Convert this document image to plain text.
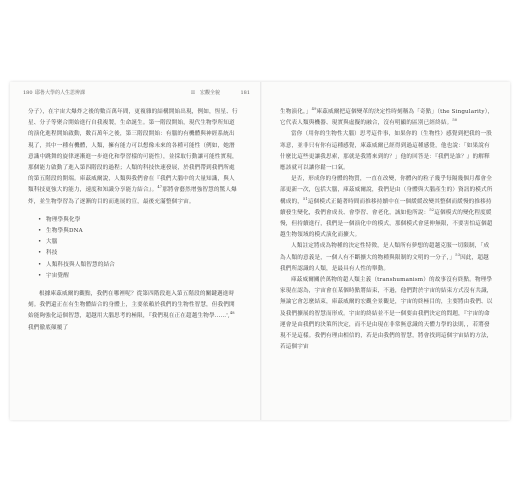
180 耶魯大學的人生思辨課

分子），在宇宙大爆炸之後的數百萬年間，更複雜的結構開始出現，例如，恆星、行星、分子等聚合開始進行自我複製，生命誕生。第一階段開始，現代生物學所知道的演化進程開始啟動，數百萬年之後，第三階段開始：有腦的有機體與神經系統出現了，其中一種有機體，人類，擁有能力可以想像未來的各種可能性（例如，她潛意識中跳舞的旋律逐漸進一步進化和學習樣的可能性），並採取行動讓可能性實現，那個能力啟動了進入第四階段的過程；人類的科技快速發展，於我們帶到我們所處的第五階段的開端。庫茲威爾說，人類與我們會在『我們大腦中的大量知識，與人類科技更強大的能力，速度和知識分享能力結合』。$^{47}$那將會藝然增強智慧的驚人爆炸，並生物學習為了逐漸的目的而進展的宣，最後充滿整個宇宙。

• 物理學與化學
• 生物學與DNA
• 大腦
• 科技
• 人類科技與人類智慧的結合
• 宇宙覺醒

根據庫茲威爾的觀點，我們在哪裡呢？從第四階段進入第五階段的關鍵邁進時刻。我們還正在有生物體結合的身體上，主要依賴於我們的生物性智慧，但我們開始能夠強化這個智慧，超越用大腦思考的極限，『我們現在正在超越生物學……',$^{48}$我們徹底顛覆了

II　宏觀全貌	181

生物演化，」$^{49}$庫茲威爾把這個變革的決定性時刻稱為「奇點」（the Singularity），它代表人類與機器、現實與虛擬的融合，沒有明顯的區別已經終結。$^{50}$

當你（用你的生物性大腦）思考這件事，如果你的（生物性）感覺到把我的一股寒意，並非只有你有這種感覺，庫茲威爾已經得到過這種感覺，他也說：「如果說有什麼比這些更讓我思索，那就是我將來到的？」他的回答是：『我們是誰？』的解釋應該就可以讓你鬆一口氣。

是否，形成你的身體的物質，一直在改變，你體內的粒子幾乎每隔幾個月都會全部更新一次，包括大腦，庫茲威爾說，我們是由（身體與大腦產生的）資訊的模式所構成的，$^{51}$這個模式正隨著時間而推移持續中在一個緩緩改變其整個而緩慢的推移持續發生變化，我們會成長、會學習、會老化，誠如他所說：$^{52}$這個模式的變化程度緩慢，但持續進行，我們是一個演化中的模式，那個模式會延伸無限，不要害怕這個超越生物領域的模式演化而擴大。

人類註定將成為物種的決定性特徵，是人類所有夢想的超越克服一切限制，「成為人類的意義是，一個人有不斷擴大的物種與限制的文明的一分子，」$^{53}$因此，超越我們所認識的人類，是最具有人性的舉動。

庫茲威爾關於萬物的超人類主義（transhumanism）的故事沒有終點。物理學家現在認為，宇宙會在某個時點將結束，不過，他們對於宇宙的結束方式沒有共識，無論它會怎麼結束，庫茲威爾的宏觀全景觀是，宇宙的終極目的，主要將由我們、以及我們擴展的智慧而形成。宇宙的終結並不是一個要由我們決定的問題，『宇宙的命運會是由我們的決策所決定，而不是由現在非常無意識的天體力學的法則，，若將發現不是這樣。我們有理由相信的，若是由我們的智慧，將會找到這個宇宙結的方法，若這個宇宙
